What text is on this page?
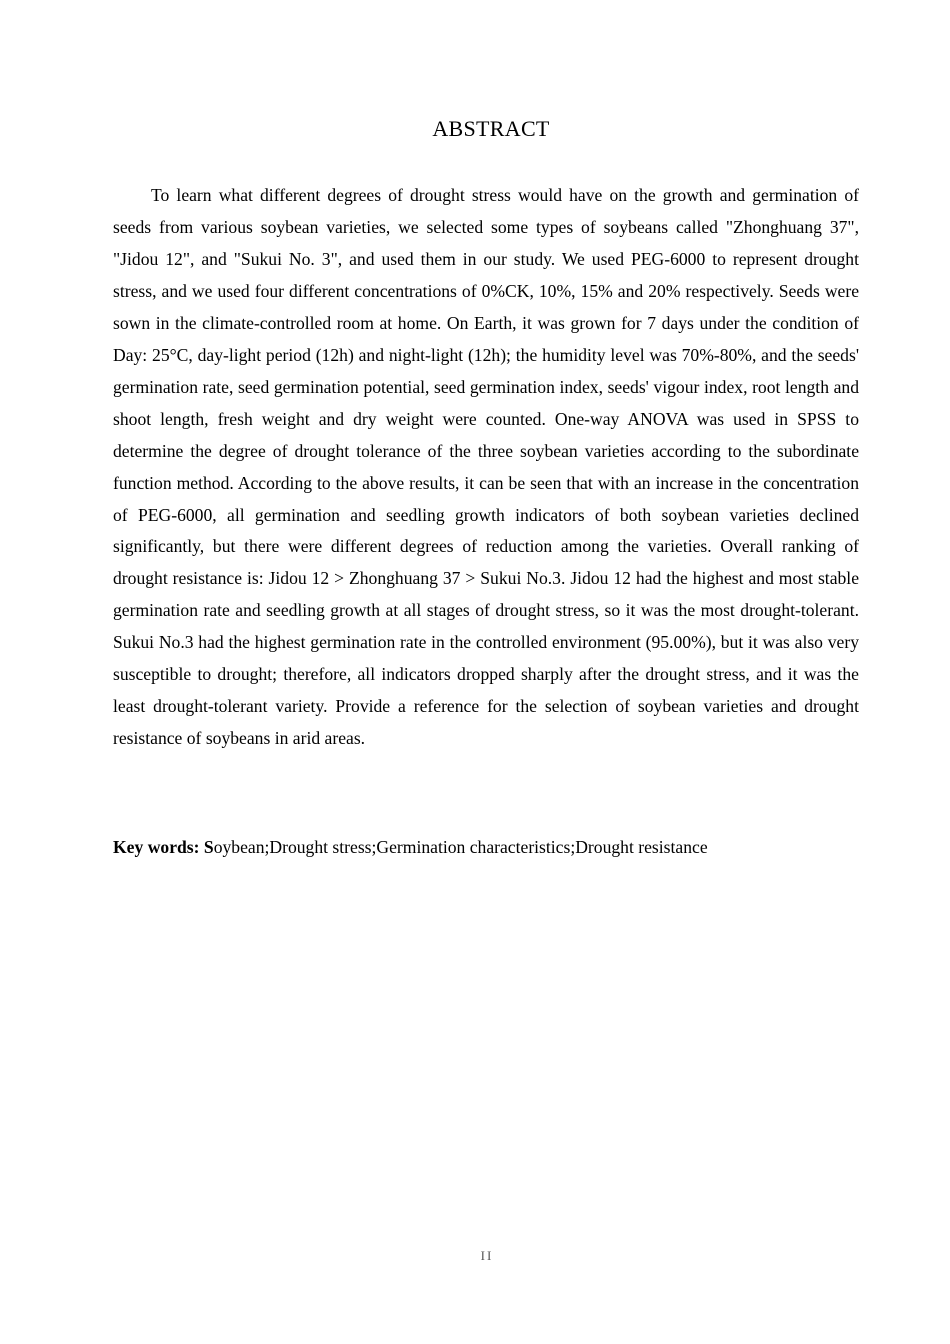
ABSTRACT

To learn what different degrees of drought stress would have on the growth and germination of seeds from various soybean varieties, we selected some types of soybeans called "Zhonghuang 37", "Jidou 12", and "Sukui No. 3", and used them in our study. We used PEG-6000 to represent drought stress, and we used four different concentrations of 0%CK, 10%, 15% and 20% respectively. Seeds were sown in the climate-controlled room at home. On Earth, it was grown for 7 days under the condition of Day: 25°C, day-light period (12h) and night-light (12h); the humidity level was 70%-80%, and the seeds' germination rate, seed germination potential, seed germination index, seeds' vigour index, root length and shoot length, fresh weight and dry weight were counted. One-way ANOVA was used in SPSS to determine the degree of drought tolerance of the three soybean varieties according to the subordinate function method. According to the above results, it can be seen that with an increase in the concentration of PEG-6000, all germination and seedling growth indicators of both soybean varieties declined significantly, but there were different degrees of reduction among the varieties. Overall ranking of drought resistance is: Jidou 12 > Zhonghuang 37 > Sukui No.3. Jidou 12 had the highest and most stable germination rate and seedling growth at all stages of drought stress, so it was the most drought-tolerant. Sukui No.3 had the highest germination rate in the controlled environment (95.00%), but it was also very susceptible to drought; therefore, all indicators dropped sharply after the drought stress, and it was the least drought-tolerant variety. Provide a reference for the selection of soybean varieties and drought resistance of soybeans in arid areas.

Key words: Soybean;Drought stress;Germination characteristics;Drought resistance

II
